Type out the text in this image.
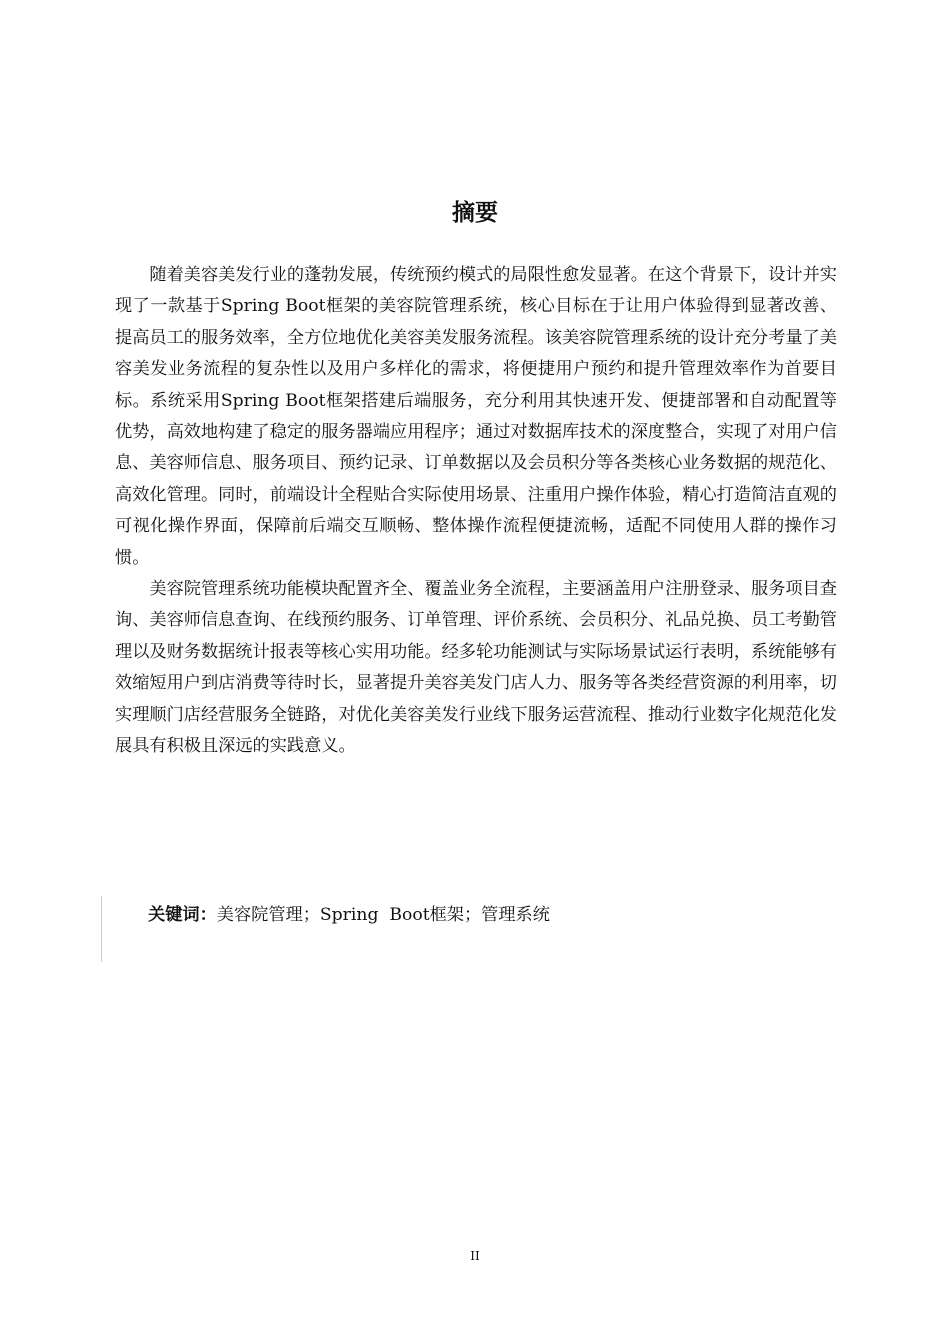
摘要

随着美容美发行业的蓬勃发展，传统预约模式的局限性愈发显著。在这个背景下，设计并实现了一款基于Spring Boot框架的美容院管理系统，核心目标在于让用户体验得到显著改善、提高员工的服务效率，全方位地优化美容美发服务流程。该美容院管理系统的设计充分考量了美容美发业务流程的复杂性以及用户多样化的需求，将便捷用户预约和提升管理效率作为首要目标。系统采用Spring Boot框架搭建后端服务，充分利用其快速开发、便捷部署和自动配置等优势，高效地构建了稳定的服务器端应用程序；通过对数据库技术的深度整合，实现了对用户信息、美容师信息、服务项目、预约记录、订单数据以及会员积分等各类核心业务数据的规范化、高效化管理。同时，前端设计全程贴合实际使用场景、注重用户操作体验，精心打造简洁直观的可视化操作界面，保障前后端交互顺畅、整体操作流程便捷流畅，适配不同使用人群的操作习惯。

美容院管理系统功能模块配置齐全、覆盖业务全流程，主要涵盖用户注册登录、服务项目查询、美容师信息查询、在线预约服务、订单管理、评价系统、会员积分、礼品兑换、员工考勤管理以及财务数据统计报表等核心实用功能。经多轮功能测试与实际场景试运行表明，系统能够有效缩短用户到店消费等待时长，显著提升美容美发门店人力、服务等各类经营资源的利用率，切实理顺门店经营服务全链路，对优化美容美发行业线下服务运营流程、推动行业数字化规范化发展具有积极且深远的实践意义。

关键词：美容院管理；Spring  Boot框架；管理系统
II
